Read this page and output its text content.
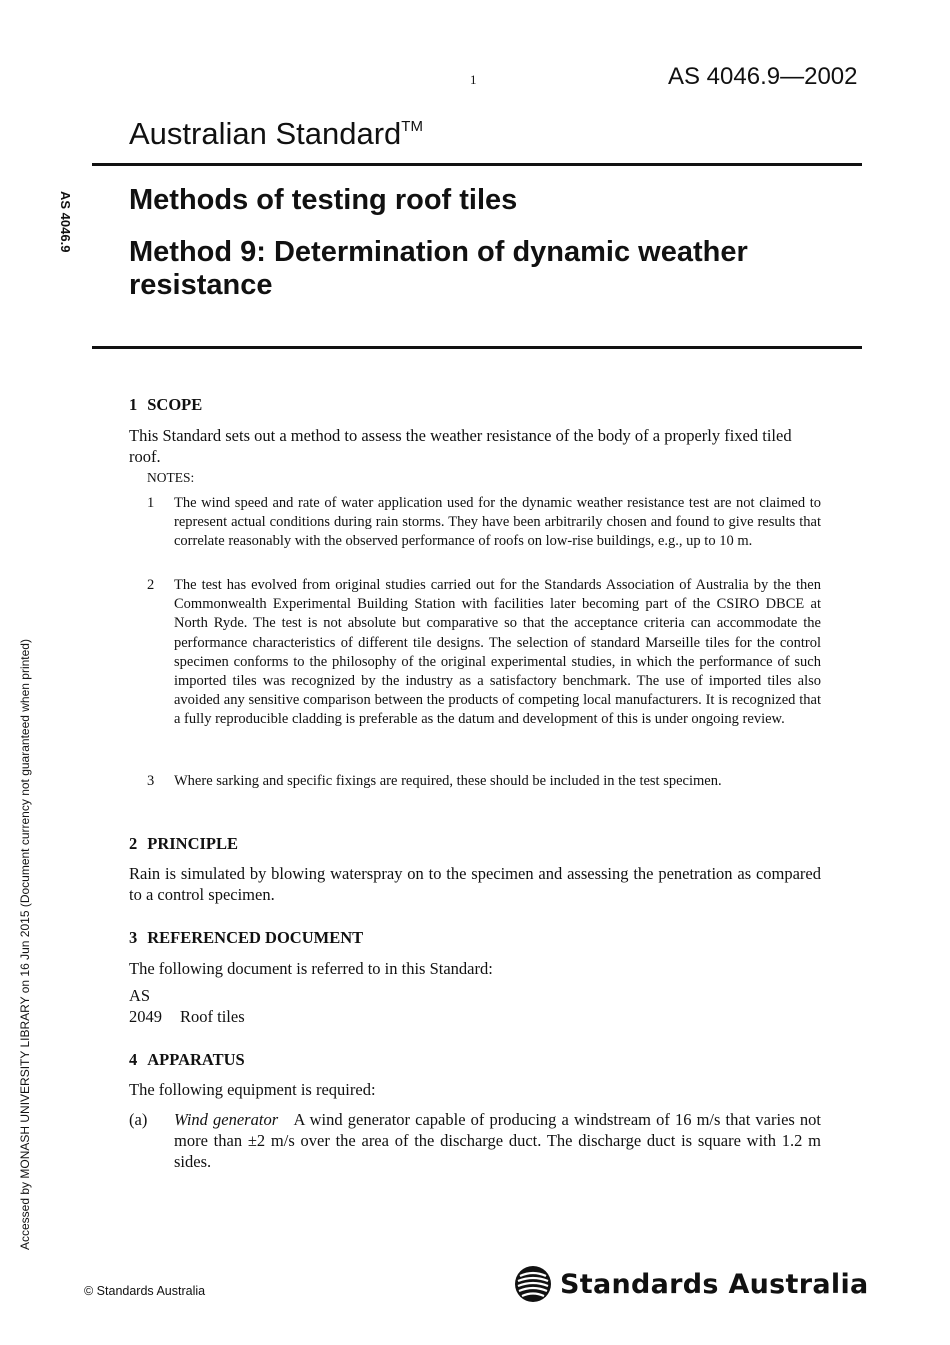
1	AS 4046.9—2002
Australian Standard™
AS 4046.9
Accessed by MONASH UNIVERSITY LIBRARY on 16 Jun 2015 (Document currency not guaranteed when printed)
Methods of testing roof tiles
Method 9: Determination of dynamic weather resistance
1 SCOPE
This Standard sets out a method to assess the weather resistance of the body of a properly fixed tiled roof.
NOTES:
1	The wind speed and rate of water application used for the dynamic weather resistance test are not claimed to represent actual conditions during rain storms. They have been arbitrarily chosen and found to give results that correlate reasonably with the observed performance of roofs on low-rise buildings, e.g., up to 10 m.
2	The test has evolved from original studies carried out for the Standards Association of Australia by the then Commonwealth Experimental Building Station with facilities later becoming part of the CSIRO DBCE at North Ryde. The test is not absolute but comparative so that the acceptance criteria can accommodate the performance characteristics of different tile designs. The selection of standard Marseille tiles for the control specimen conforms to the philosophy of the original experimental studies, in which the performance of such imported tiles was recognized by the industry as a satisfactory benchmark. The use of imported tiles also avoided any sensitive comparison between the products of competing local manufacturers. It is recognized that a fully reproducible cladding is preferable as the datum and development of this is under ongoing review.
3	Where sarking and specific fixings are required, these should be included in the test specimen.
2 PRINCIPLE
Rain is simulated by blowing waterspray on to the specimen and assessing the penetration as compared to a control specimen.
3 REFERENCED DOCUMENT
The following document is referred to in this Standard:
AS
2049 Roof tiles
4 APPARATUS
The following equipment is required:
(a)	Wind generator A wind generator capable of producing a windstream of 16 m/s that varies not more than ±2 m/s over the area of the discharge duct. The discharge duct is square with 1.2 m sides.
© Standards Australia	Standards Australia
